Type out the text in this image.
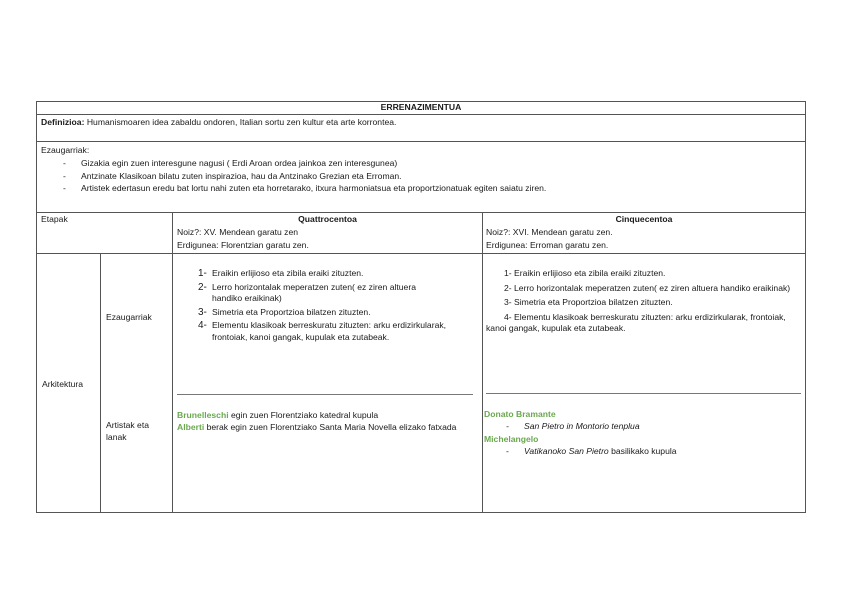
ERRENAZIMENTUA
Definizioa: Humanismoaren idea zabaldu ondoren, Italian sortu zen kultur eta arte korrontea.
Ezaugarriak:
- Gizakia egin zuen interesgune nagusi ( Erdi Aroan ordea jainkoa zen interesgunea)
- Antzinate Klasikoan bilatu zuten inspirazioa, hau da Antzinako Grezian eta Erroman.
- Artistek edertasun eredu bat lortu nahi zuten eta horretarako, itxura harmoniatsua eta proportzionatuak egiten saiatu ziren.
Etapak	Quattrocentoa
Noiz?: XV. Mendean garatu zen
Erdigunea: Florentzian garatu zen.
Cinquecentoa
Noiz?: XVI. Mendean garatu zen.
Erdigunea: Erroman garatu zen.
Arkitektura
Ezaugarriak
Artistak eta
lanak
1- Eraikin erlijioso eta zibila eraiki zituzten.
2- Lerro horizontalak meperatzen zuten( ez ziren altuera handiko eraikinak)
3- Simetria eta Proportzioa bilatzen zituzten.
4- Elementu klasikoak berreskuratu zituzten: arku erdizirkularak, frontoiak, kanoi gangak, kupulak eta zutabeak.
1- Eraikin erlijioso eta zibila eraiki zituzten.
2- Lerro horizontalak meperatzen zuten( ez ziren altuera handiko eraikinak)
3- Simetria eta Proportzioa bilatzen zituzten.
4- Elementu klasikoak berreskuratu zituzten: arku erdizirkularak, frontoiak, kanoi gangak, kupulak eta zutabeak.
Brunelleschi egin zuen Florentziako katedral kupula
Alberti berak egin zuen Florentziako Santa Maria Novella elizako fatxada
Donato Bramante
- San Pietro in Montorio tenplua
Michelangelo
- Vatikanoko San Pietro basilikako kupula
